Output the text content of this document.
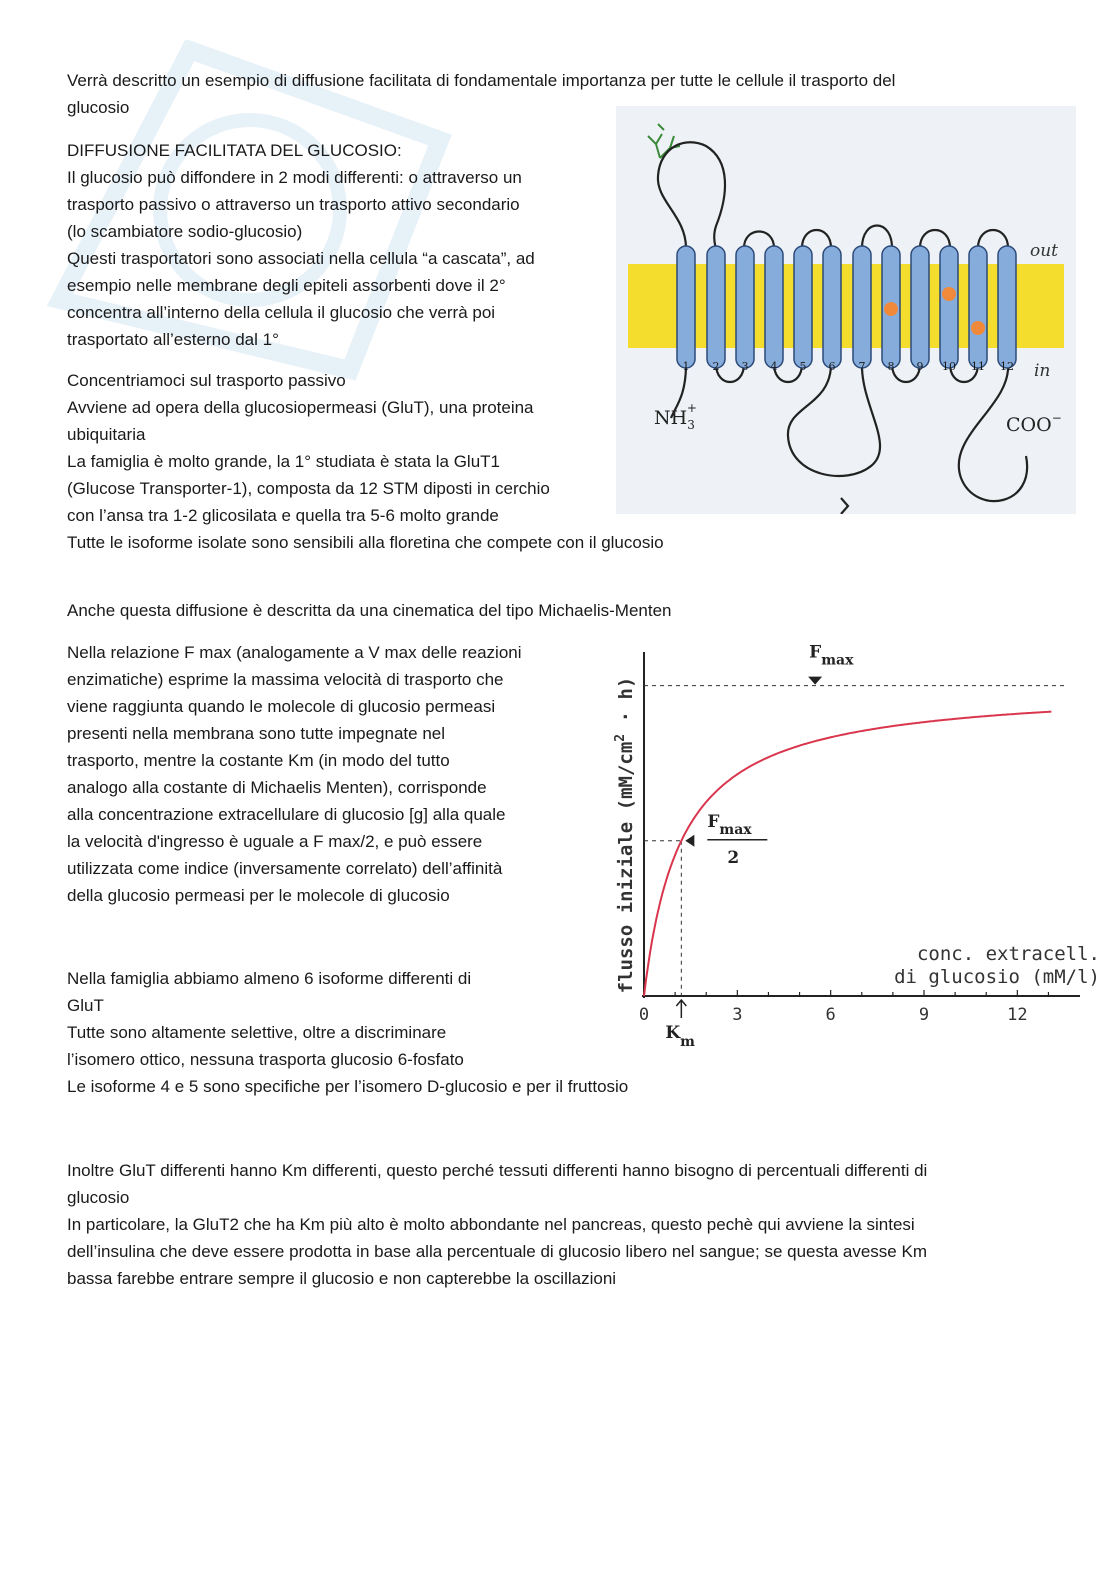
Verrà descritto un esempio di diffusione facilitata di fondamentale importanza per tutte le cellule il trasporto del
glucosio
DIFFUSIONE FACILITATA DEL GLUCOSIO:
Il glucosio può diffondere in 2 modi differenti: o attraverso un
trasporto passivo o attraverso un trasporto attivo secondario
(lo scambiatore sodio-glucosio)
Questi trasportatori sono associati nella cellula “a cascata”, ad
esempio nelle membrane degli epiteli assorbenti dove il 2°
concentra all’interno della cellula il glucosio che verrà poi
trasportato all’esterno dal 1°
Concentriamoci sul trasporto passivo
Avviene ad opera della glucosiopermeasi (GluT), una proteina
ubiquitaria
La famiglia è molto grande, la 1° studiata è stata la GluT1
(Glucose Transporter-1), composta da 12 STM diposti in cerchio
con l’ansa tra 1-2 glicosilata e quella tra 5-6 molto grande
Tutte le isoforme isolate sono sensibili alla floretina che compete con il glucosio
Anche questa diffusione è descritta da una cinematica del tipo Michaelis-Menten
Nella relazione F max (analogamente a V max delle reazioni
enzimatiche) esprime la massima velocità di trasporto che
viene raggiunta quando le molecole di glucosio permeasi
presenti nella membrana sono tutte impegnate nel
trasporto, mentre la costante Km (in modo del tutto
analogo alla costante di Michaelis Menten), corrisponde
alla concentrazione extracellulare di glucosio [g] alla quale
la velocità d'ingresso è uguale a F max/2, e può essere
utilizzata come indice (inversamente correlato) dell’affinità
della glucosio permeasi per le molecole di glucosio
Nella famiglia abbiamo almeno 6 isoforme differenti di
GluT
Tutte sono altamente selettive, oltre a discriminare
l’isomero ottico, nessuna trasporta glucosio 6-fosfato
Le isoforme 4 e 5 sono specifiche per l’isomero D-glucosio e per il fruttosio
Inoltre GluT differenti hanno Km differenti, questo perché tessuti differenti hanno bisogno di percentuali differenti di
glucosio
In particolare, la GluT2 che ha Km più alto è molto abbondante nel pancreas, questo pechè qui avviene la sintesi
dell’insulina che deve essere prodotta in base alla percentuale di glucosio libero nel sangue; se questa avesse Km
bassa farebbe entrare sempre il glucosio e non capterebbe la oscillazioni
1 2 3 4 5 6 7 8 9 10 11 12
out
in
$NH_3+$
COO−
0	3	6	9	12
$F_{max}$
$F_{max}$
2
$K_m$
flusso iniziale $(mM/cm^2 \cdot h)$
conc. extracell.
di glucosio (mM/l)
